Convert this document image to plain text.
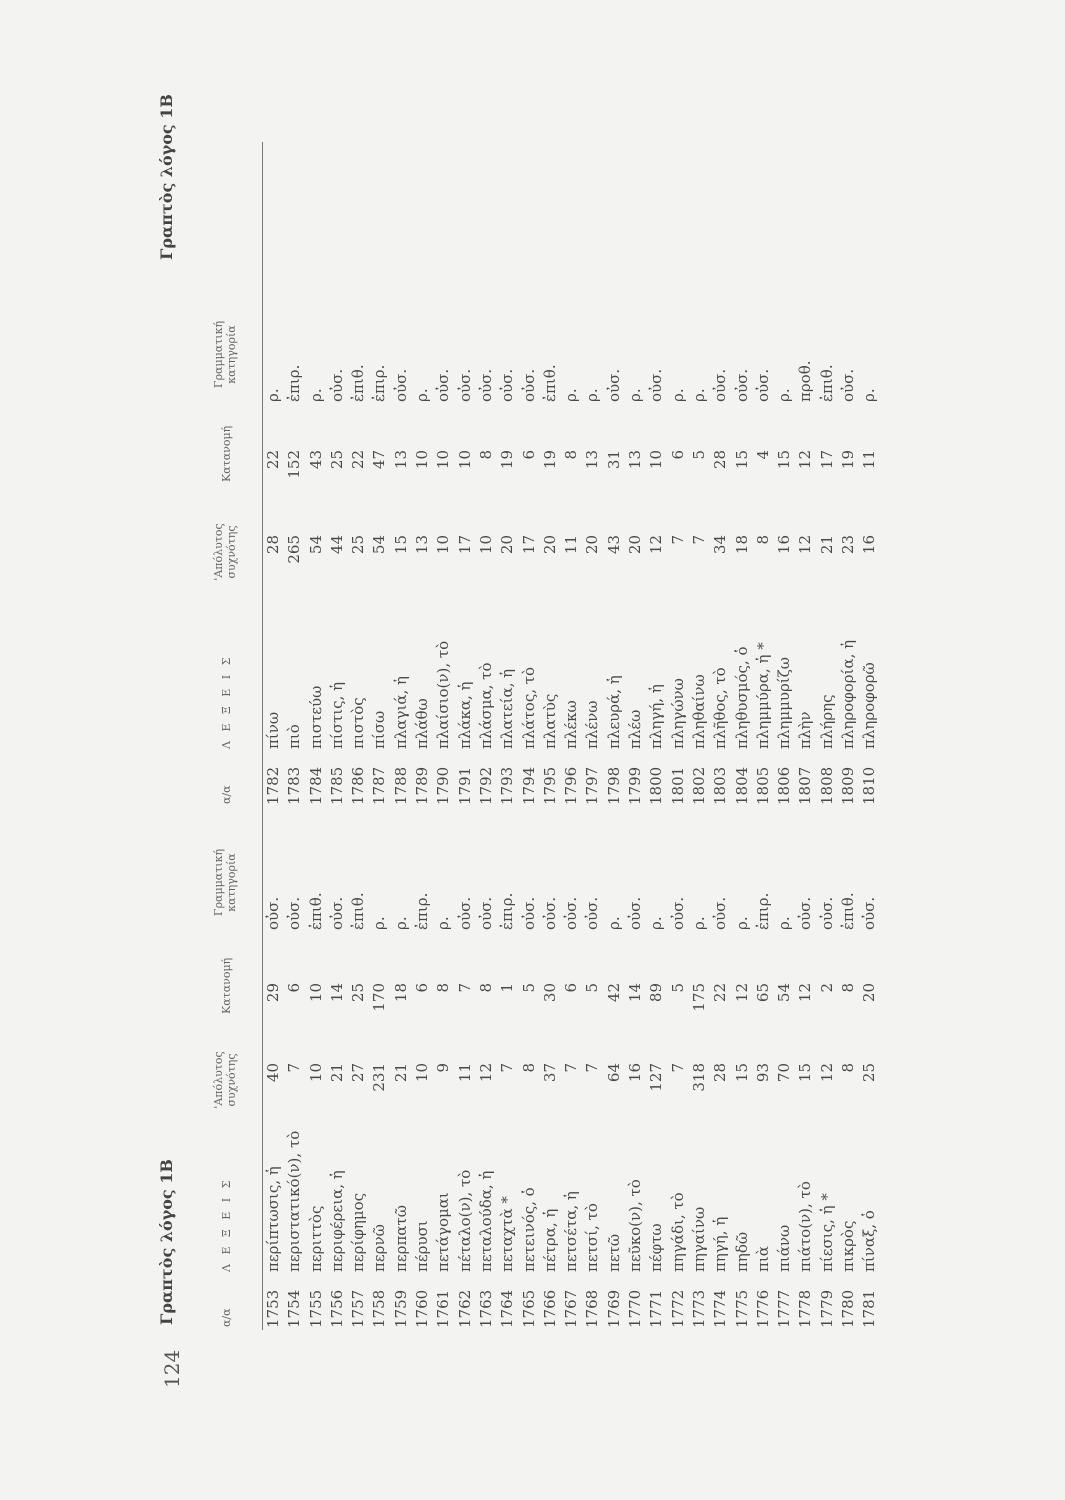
124
Γραπτὸς λόγος 1Β
Γραπτὸς λόγος 1Β
α/α
Λ Ε Ξ Ε Ι Σ
'Απόλυτος συχνότης
Κατανομή
Γραμματική κατηγορία
1753
περίπτωσις, ἡ
40
29
οὐσ.
1754
περιστατικό(ν), τὸ
7
6
οὐσ.
1755
περιττὸς
10
10
ἐπιθ.
1756
περιφέρεια, ἡ
21
14
οὐσ.
1757
περίφημος
27
25
ἐπιθ.
1758
περνῶ
231
170
ρ.
1759
περπατῶ
21
18
ρ.
1760
πέρυσι
10
6
ἐπιρ.
1761
πετάγομαι
9
8
ρ.
1762
πέταλο(ν), τὸ
11
7
οὐσ.
1763
πεταλούδα, ἡ
12
8
οὐσ.
1764
πεταχτὰ *
7
1
ἐπιρ.
1765
πετεινός, ὁ
8
5
οὐσ.
1766
πέτρα, ἡ
37
30
οὐσ.
1767
πετσέτα, ἡ
7
6
οὐσ.
1768
πετσί, τὸ
7
5
οὐσ.
1769
πετῶ
64
42
ρ.
1770
πεῦκο(ν), τὸ
16
14
οὐσ.
1771
πέφτω
127
89
ρ.
1772
πηγάδι, τὸ
7
5
οὐσ.
1773
πηγαίνω
318
175
ρ.
1774
πηγή, ἡ
28
22
οὐσ.
1775
πηδῶ
15
12
ρ.
1776
πιὰ
93
65
ἐπιρ.
1777
πιάνω
70
54
ρ.
1778
πιάτο(ν), τὸ
15
12
οὐσ.
1779
πίεσις, ἡ *
12
2
οὐσ.
1780
πικρὸς
8
8
ἐπιθ.
1781
πίναξ, ὁ
25
20
οὐσ.
α/α
Λ Ε Ξ Ε Ι Σ
'Απόλυτος συχνότης
Κατανομή
Γραμματική κατηγορία
1782
πίνω
28
22
ρ.
1783
πιὸ
265
152
ἐπιρ.
1784
πιστεύω
54
43
ρ.
1785
πίστις, ἡ
44
25
οὐσ.
1786
πιστὸς
25
22
ἐπιθ.
1787
πίσω
54
47
ἐπιρ.
1788
πλαγιά, ἡ
15
13
οὐσ.
1789
πλάθω
13
10
ρ.
1790
πλαίσιο(ν), τὸ
10
10
οὐσ.
1791
πλάκα, ἡ
17
10
οὐσ.
1792
πλάσμα, τὸ
10
8
οὐσ.
1793
πλατεία, ἡ
20
19
οὐσ.
1794
πλάτος, τὸ
17
6
οὐσ.
1795
πλατὺς
20
19
ἐπιθ.
1796
πλέκω
11
8
ρ.
1797
πλένω
20
13
ρ.
1798
πλευρά, ἡ
43
31
οὐσ.
1799
πλέω
20
13
ρ.
1800
πληγή, ἡ
12
10
οὐσ.
1801
πληγώνω
7
6
ρ.
1802
πληθαίνω
7
5
ρ.
1803
πλῆθος, τὸ
34
28
οὐσ.
1804
πληθυσμός, ὁ
18
15
οὐσ.
1805
πλημμύρα, ἡ *
8
4
οὐσ.
1806
πλημμυρίζω
16
15
ρ.
1807
πλὴν
12
12
προθ.
1808
πλήρης
21
17
ἐπιθ.
1809
πληροφορία, ἡ
23
19
οὐσ.
1810
πληροφορῶ
16
11
ρ.
